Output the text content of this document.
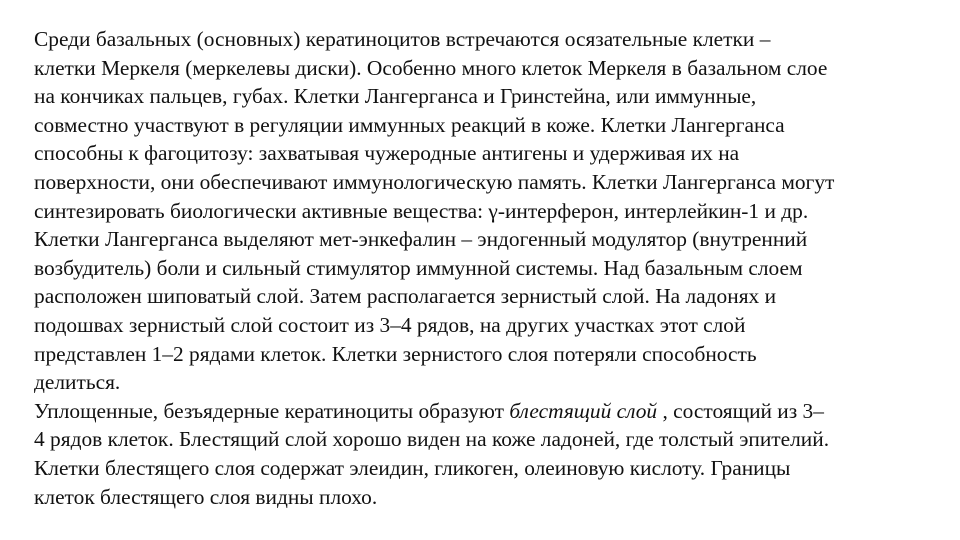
Среди базальных (основных) кератиноцитов встречаются осязательные клетки –
клетки Меркеля (меркелевы диски). Особенно много клеток Меркеля в базальном слое
на кончиках пальцев, губах. Клетки Лангерганса и Гринстейна, или иммунные,
совместно участвуют в регуляции иммунных реакций в коже. Клетки Лангерганса
способны к фагоцитозу: захватывая чужеродные антигены и удерживая их на
поверхности, они обеспечивают иммунологическую память. Клетки Лангерганса могут
синтезировать биологически активные вещества: γ-интерферон, интерлейкин-1 и др.
Клетки Лангерганса выделяют мет-энкефалин – эндогенный модулятор (внутренний
возбудитель) боли и сильный стимулятор иммунной системы. Над базальным слоем
расположен шиповатый слой. Затем располагается зернистый слой. На ладонях и
подошвах зернистый слой состоит из 3–4 рядов, на других участках этот слой
представлен 1–2 рядами клеток. Клетки зернистого слоя потеряли способность
делиться.
Уплощенные, безъядерные кератиноциты образуют блестящий слой , состоящий из 3–
4 рядов клеток. Блестящий слой хорошо виден на коже ладоней, где толстый эпителий.
Клетки блестящего слоя содержат элеидин, гликоген, олеиновую кислоту. Границы
клеток блестящего слоя видны плохо.
